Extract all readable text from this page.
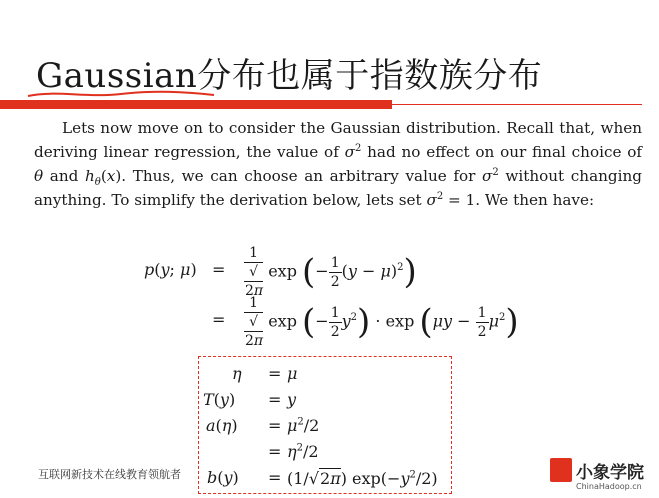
Gaussian分布也属于指数族分布

Lets now move on to consider the Gaussian distribution. Recall that, when deriving linear regression, the value of $\sigma^2$ had no effect on our final choice of θ and $h_\theta(x)$. Thus, we can choose an arbitrary value for $\sigma^2$ without changing anything. To simplify the derivation below, lets set $\sigma^2 = 1$. We then have:

p(y; μ) = 1
√
2π exp (− $\frac{1}{2} (y - \mu)^2$)
= 1
√
2π exp (− $\frac{1}{2} y^2) \cdot \exp (\mu y - \frac{1}{2} \mu^2)$
η = μ
T(y) = y
$a(\eta) = \mu^2/2$
= $\eta^2/2$
b(y) = (1/√2π) $\exp(-y^2/2)$
互联网新技术在线教育领航者	小象学院
ChinaHadoop.cn
